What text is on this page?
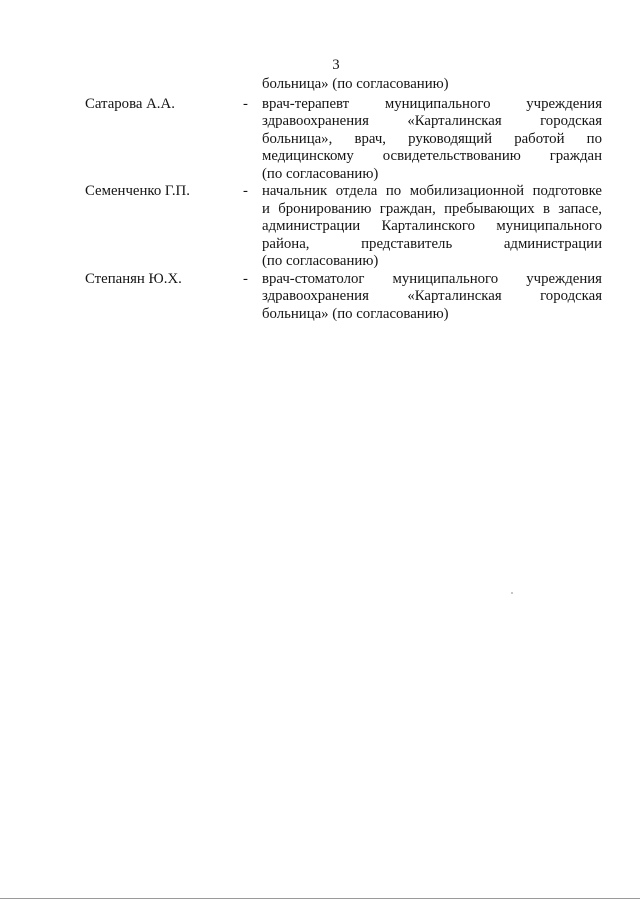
3
больница» (по согласованию)
Сатарова А.А.	- врач-терапевт муниципального учреждения
здравоохранения «Карталинская городская
больница», врач, руководящий работой по
медицинскому освидетельствованию граждан
(по согласованию)
Семенченко Г.П.	- начальник отдела по мобилизационной подготовке
и бронированию граждан, пребывающих в запасе,
администрации Карталинского муниципального
района, представитель администрации
(по согласованию)
Степанян Ю.Х.	- врач-стоматолог муниципального учреждения
здравоохранения «Карталинская городская
больница» (по согласованию)
